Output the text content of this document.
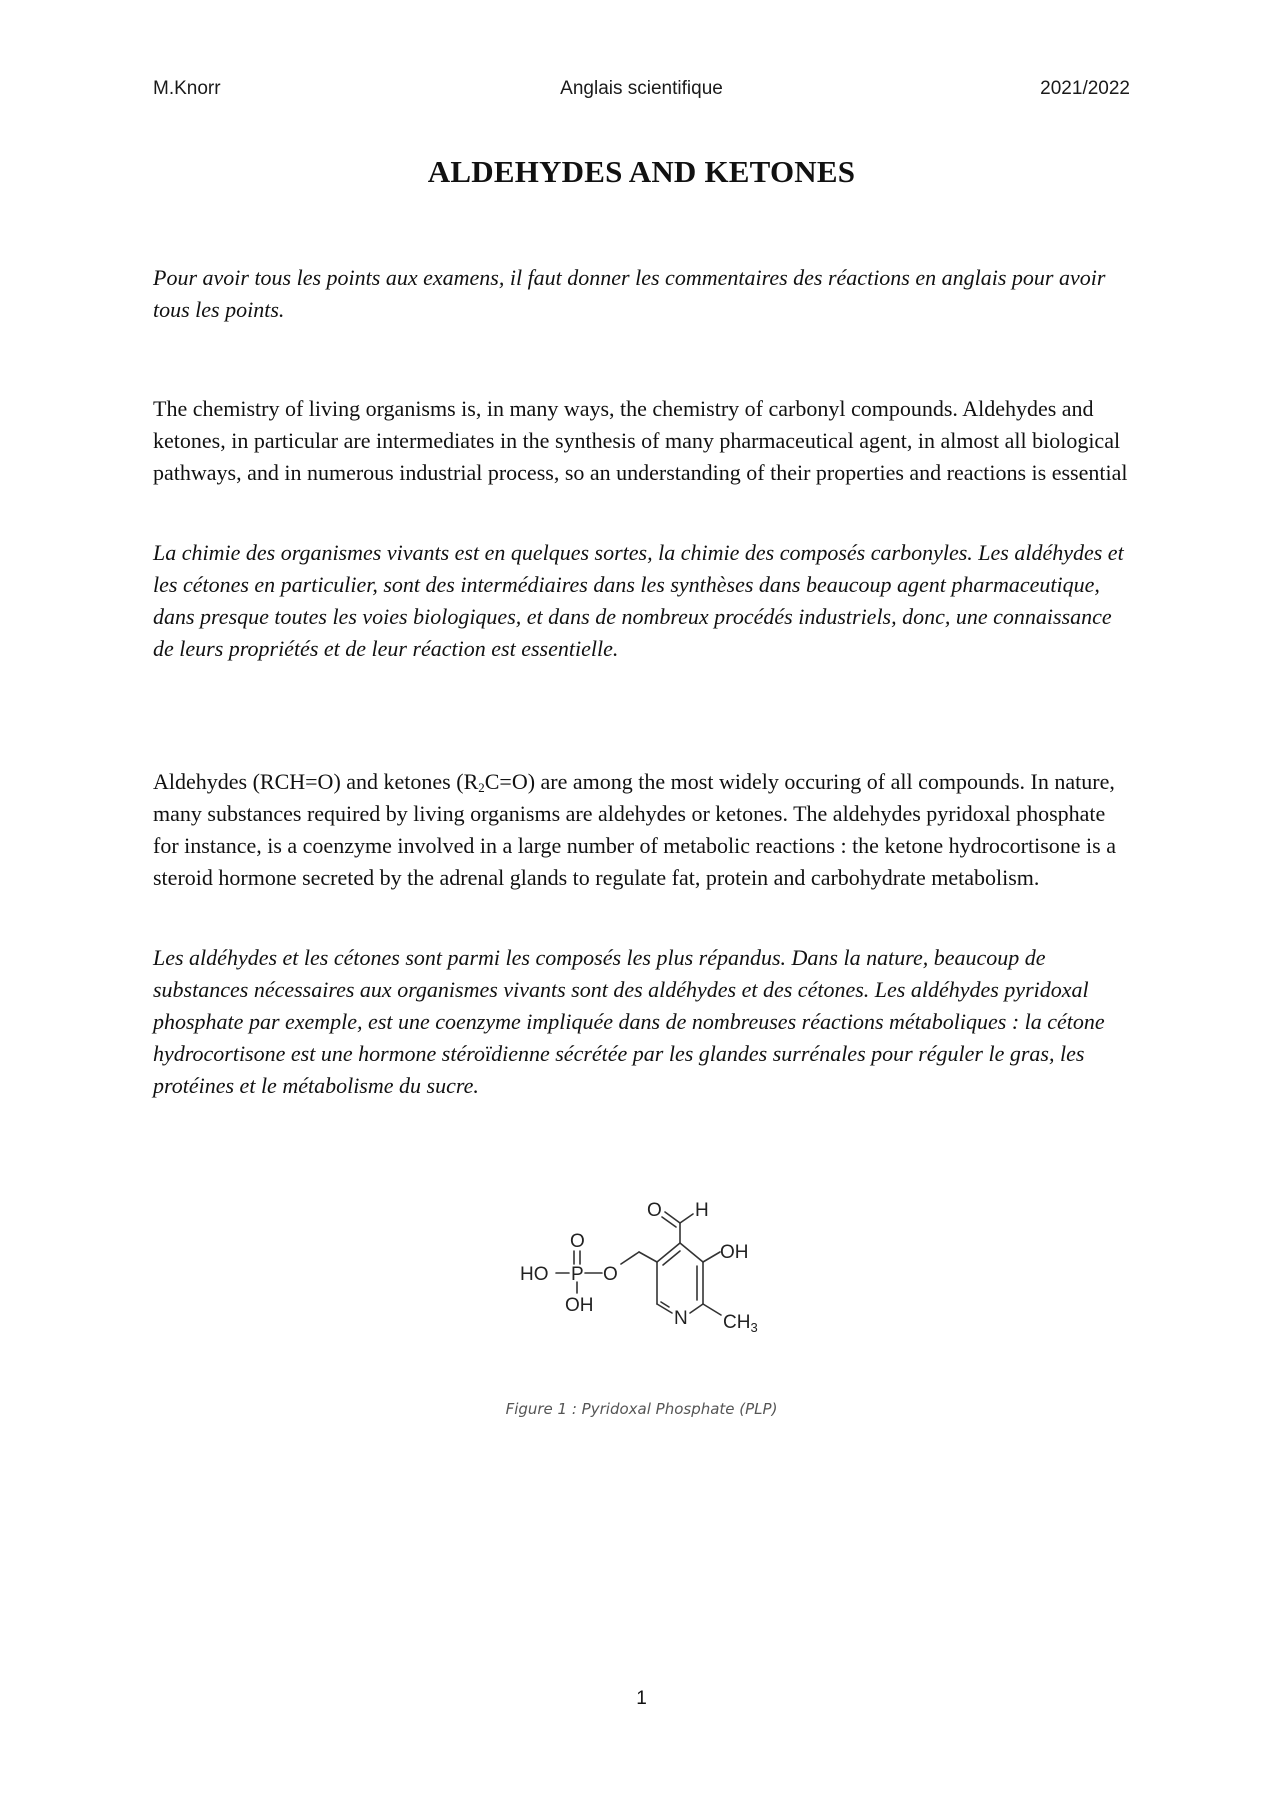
M.Knorr	Anglais scientifique	2021/2022
ALDEHYDES AND KETONES

Pour avoir tous les points aux examens, il faut donner les commentaires des réactions en anglais pour avoir tous les points.

The chemistry of living organisms is, in many ways, the chemistry of carbonyl compounds. Aldehydes and ketones, in particular are intermediates in the synthesis of many pharmaceutical agent, in almost all biological pathways, and in numerous industrial process, so an understanding of their properties and reactions is essential

La chimie des organismes vivants est en quelques sortes, la chimie des composés carbonyles. Les aldéhydes et les cétones en particulier, sont des intermédiaires dans les synthèses dans beaucoup agent pharmaceutique, dans presque toutes les voies biologiques, et dans de nombreux procédés industriels, donc, une connaissance de leurs propriétés et de leur réaction est essentielle.

Aldehydes (RCH=O) and ketones $(R_2C=O)$ are among the most widely occuring of all compounds. In nature, many substances required by living organisms are aldehydes or ketones. The aldehydes pyridoxal phosphate for instance, is a coenzyme involved in a large number of metabolic reactions : the ketone hydrocortisone is a steroid hormone secreted by the adrenal glands to regulate fat, protein and carbohydrate metabolism.

Les aldéhydes et les cétones sont parmi les composés les plus répandus. Dans la nature, beaucoup de substances nécessaires aux organismes vivants sont des aldéhydes et des cétones. Les aldéhydes pyridoxal phosphate par exemple, est une coenzyme impliquée dans de nombreuses réactions métaboliques : la cétone hydrocortisone est une hormone stéroïdienne sécrétée par les glandes surrénales pour réguler le gras, les protéines et le métabolisme du sucre.

O H
OH
$CH_3$
N
O
P
HO
O
OH
Figure 1 : Pyridoxal Phosphate (PLP)
1
